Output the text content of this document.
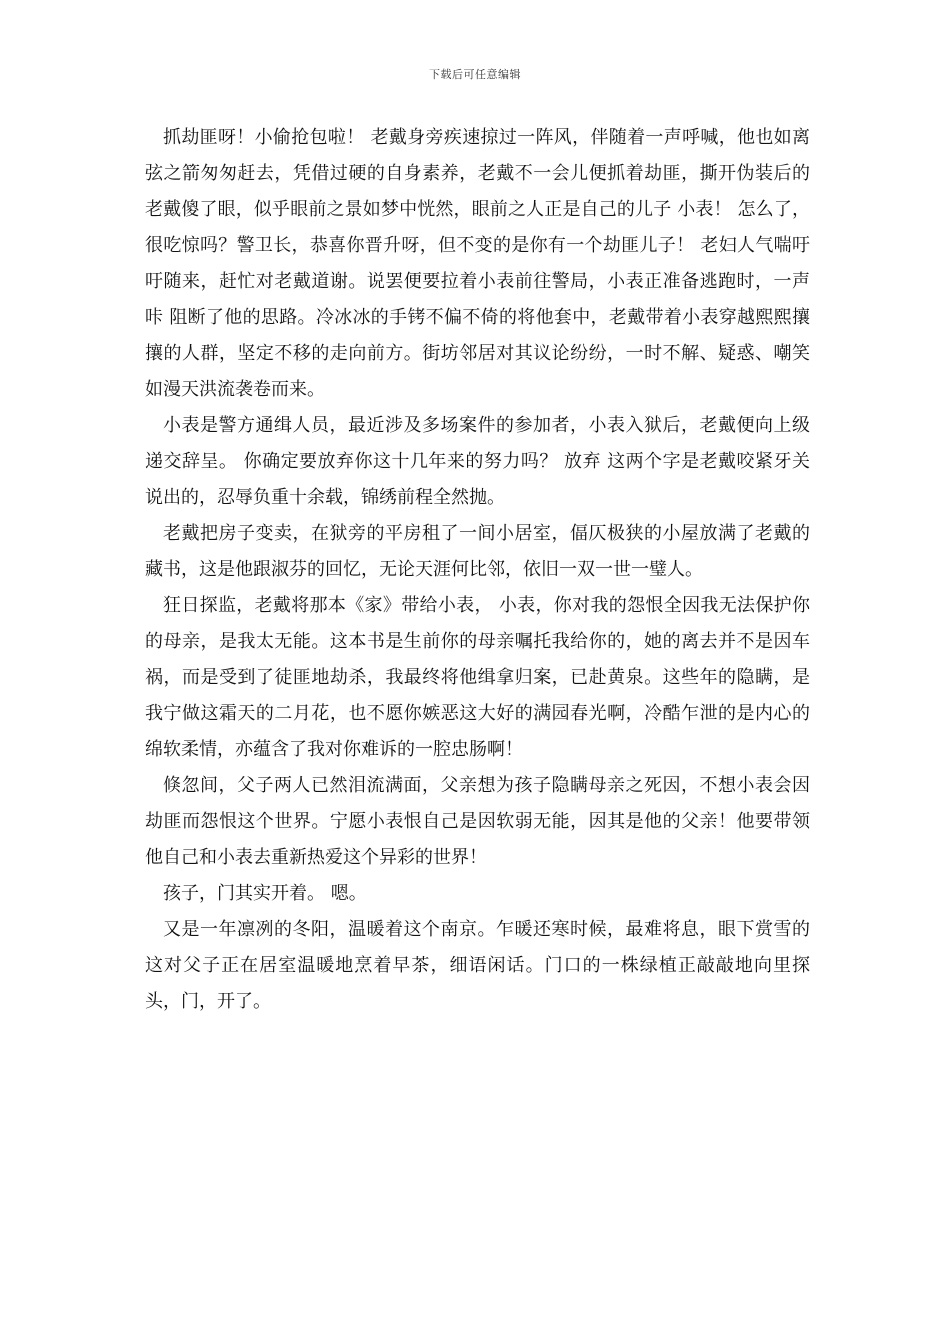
下载后可任意编辑

抓劫匪呀！小偷抢包啦！ 老戴身旁疾速掠过一阵风，伴随着一声呼喊，他也如离弦之箭匆匆赶去，凭借过硬的自身素养，老戴不一会儿便抓着劫匪，撕开伪装后的老戴傻了眼，似乎眼前之景如梦中恍然，眼前之人正是自己的儿子 小表！ 怎么了，很吃惊吗？警卫长，恭喜你晋升呀，但不变的是你有一个劫匪儿子！ 老妇人气喘吁吁随来，赶忙对老戴道谢。说罢便要拉着小表前往警局，小表正准备逃跑时，一声 咔 阻断了他的思路。冷冰冰的手铐不偏不倚的将他套中，老戴带着小表穿越熙熙攘攘的人群，坚定不移的走向前方。街坊邻居对其议论纷纷，一时不解、疑惑、嘲笑如漫天洪流袭卷而来。

小表是警方通缉人员，最近涉及多场案件的参加者，小表入狱后，老戴便向上级递交辞呈。 你确定要放弃你这十几年来的努力吗？ 放弃 这两个字是老戴咬紧牙关说出的，忍辱负重十余载，锦绣前程全然抛。

老戴把房子变卖，在狱旁的平房租了一间小居室，偪仄极狭的小屋放满了老戴的藏书，这是他跟淑芬的回忆，无论天涯何比邻，依旧一双一世一璧人。

狂日探监，老戴将那本《家》带给小表， 小表，你对我的怨恨全因我无法保护你的母亲，是我太无能。这本书是生前你的母亲嘱托我给你的，她的离去并不是因车祸，而是受到了徒匪地劫杀，我最终将他缉拿归案，已赴黄泉。这些年的隐瞒，是我宁做这霜天的二月花，也不愿你嫉恶这大好的满园春光啊，冷酷乍泄的是内心的绵软柔情，亦蕴含了我对你难诉的一腔忠肠啊！

倏忽间，父子两人已然泪流满面，父亲想为孩子隐瞒母亲之死因，不想小表会因劫匪而怨恨这个世界。宁愿小表恨自己是因软弱无能，因其是他的父亲！他要带领他自己和小表去重新热爱这个异彩的世界！

孩子，门其实开着。 嗯。

又是一年凛冽的冬阳，温暖着这个南京。乍暖还寒时候，最难将息，眼下赏雪的这对父子正在居室温暖地烹着早茶，细语闲话。门口的一株绿植正敲敲地向里探头，门，开了。
